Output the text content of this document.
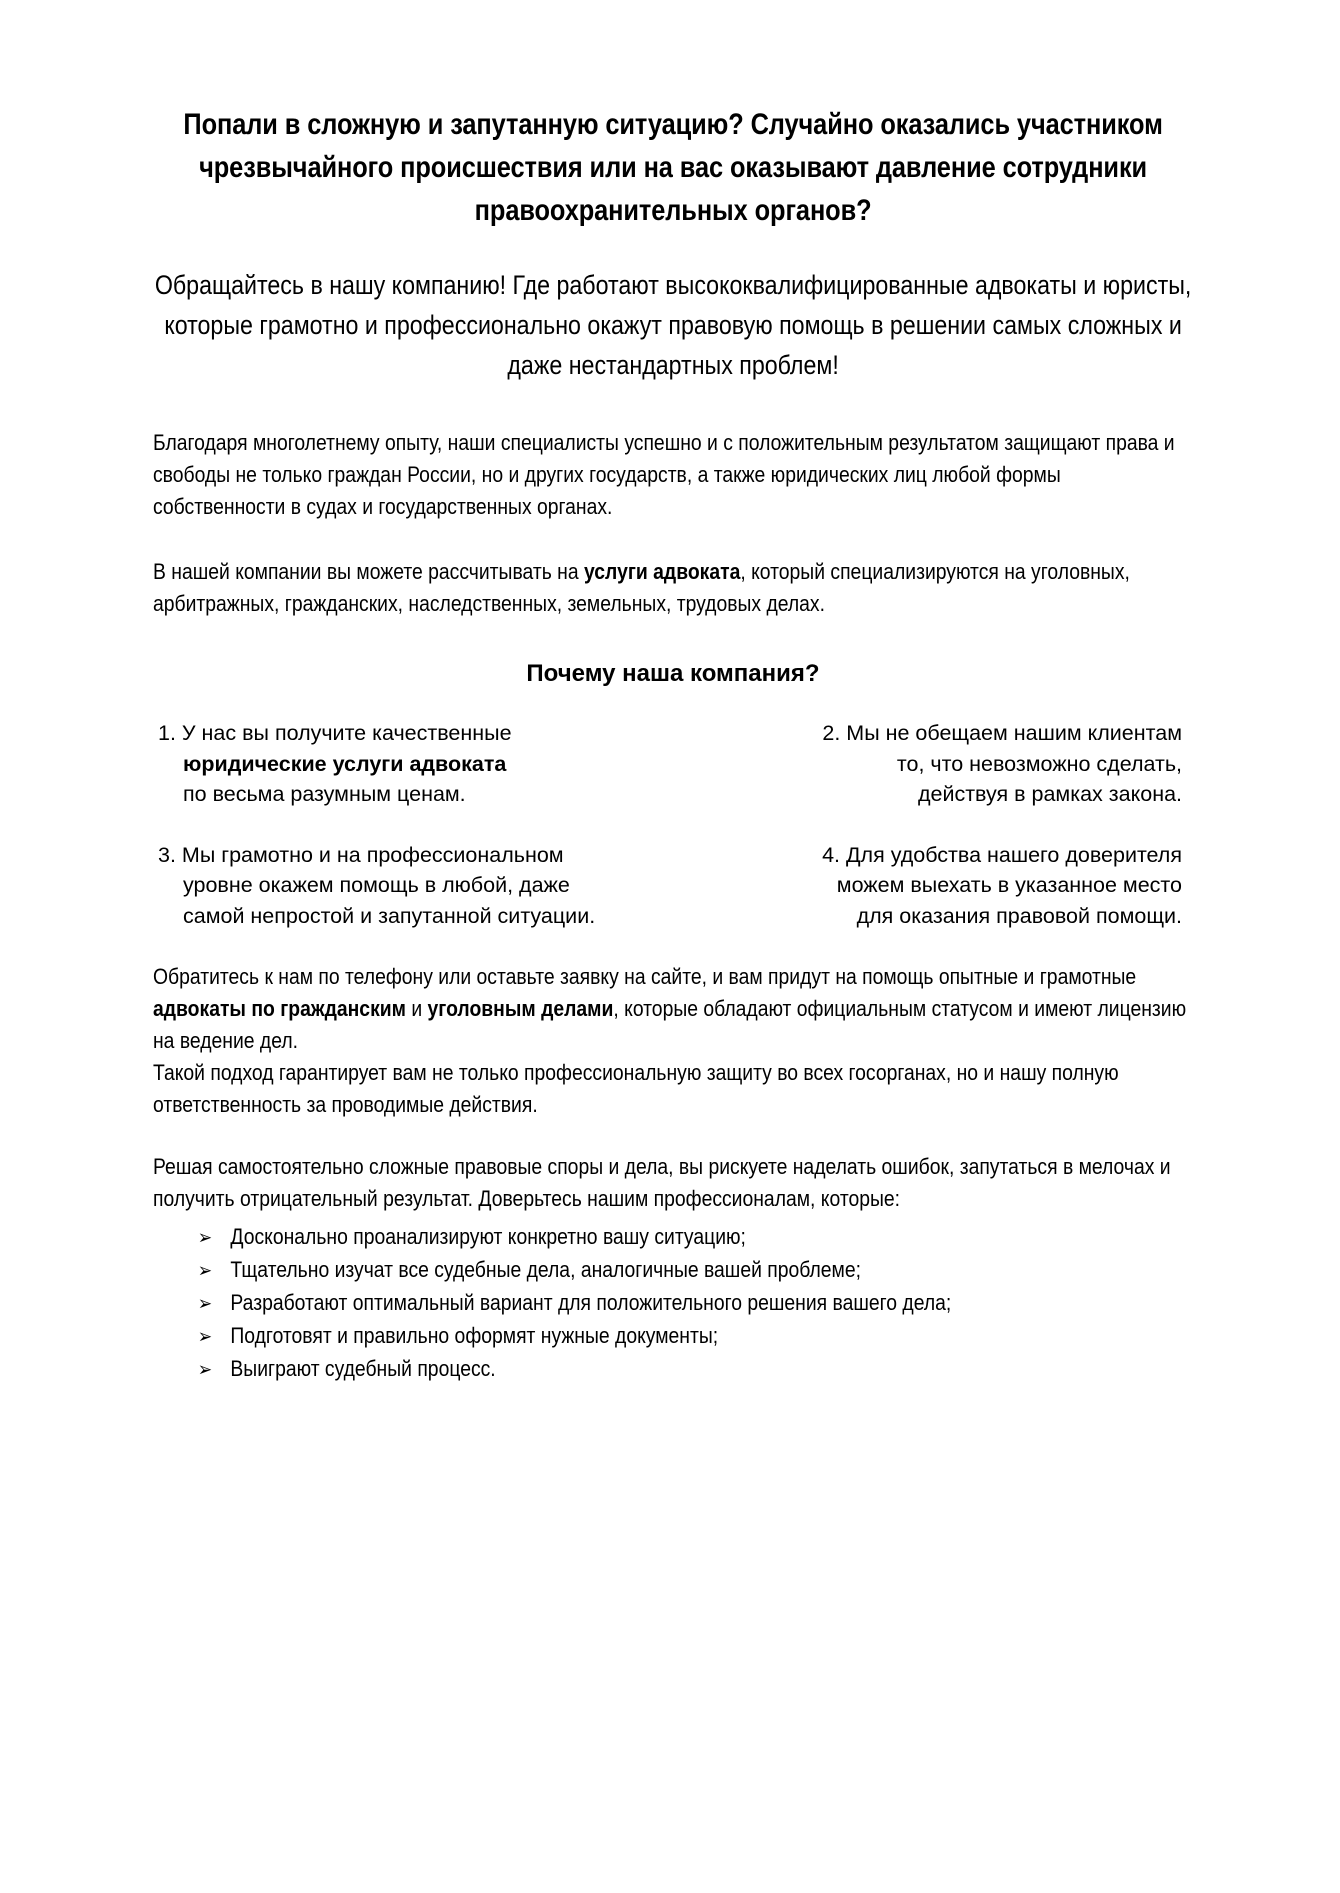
Попали в сложную и запутанную ситуацию? Случайно оказались участником чрезвычайного происшествия или на вас оказывают давление сотрудники правоохранительных органов?

Обращайтесь в нашу компанию! Где работают высококвалифицированные адвокаты и юристы, которые грамотно и профессионально окажут правовую помощь в решении самых сложных и даже нестандартных проблем!

Благодаря многолетнему опыту, наши специалисты успешно и с положительным результатом защищают права и свободы не только граждан России, но и других государств, а также юридических лиц любой формы собственности в судах и государственных органах.

В нашей компании вы можете рассчитывать на услуги адвоката, который специализируются на уголовных, арбитражных, гражданских, наследственных, земельных, трудовых делах.

Почему наша компания?
1. У нас вы получите качественные
юридические услуги адвоката
по весьма разумным ценам.
2. Мы не обещаем нашим клиентам
то, что невозможно сделать,
действуя в рамках закона.
3. Мы грамотно и на профессиональном
уровне окажем помощь в любой, даже
самой непростой и запутанной ситуации.
4. Для удобства нашего доверителя
можем выехать в указанное место
для оказания правовой помощи.

Обратитесь к нам по телефону или оставьте заявку на сайте, и вам придут на помощь опытные и грамотные адвокаты по гражданским и уголовным делами, которые обладают официальным статусом и имеют лицензию на ведение дел.

Такой подход гарантирует вам не только профессиональную защиту во всех госорганах, но и нашу полную ответственность за проводимые действия.

Решая самостоятельно сложные правовые споры и дела, вы рискуете наделать ошибок, запутаться в мелочах и получить отрицательный результат. Доверьтесь нашим профессионалам, которые:

➢ Досконально проанализируют конкретно вашу ситуацию;
➢ Тщательно изучат все судебные дела, аналогичные вашей проблеме;
➢ Разработают оптимальный вариант для положительного решения вашего дела;
➢ Подготовят и правильно оформят нужные документы;
➢ Выиграют судебный процесс.
